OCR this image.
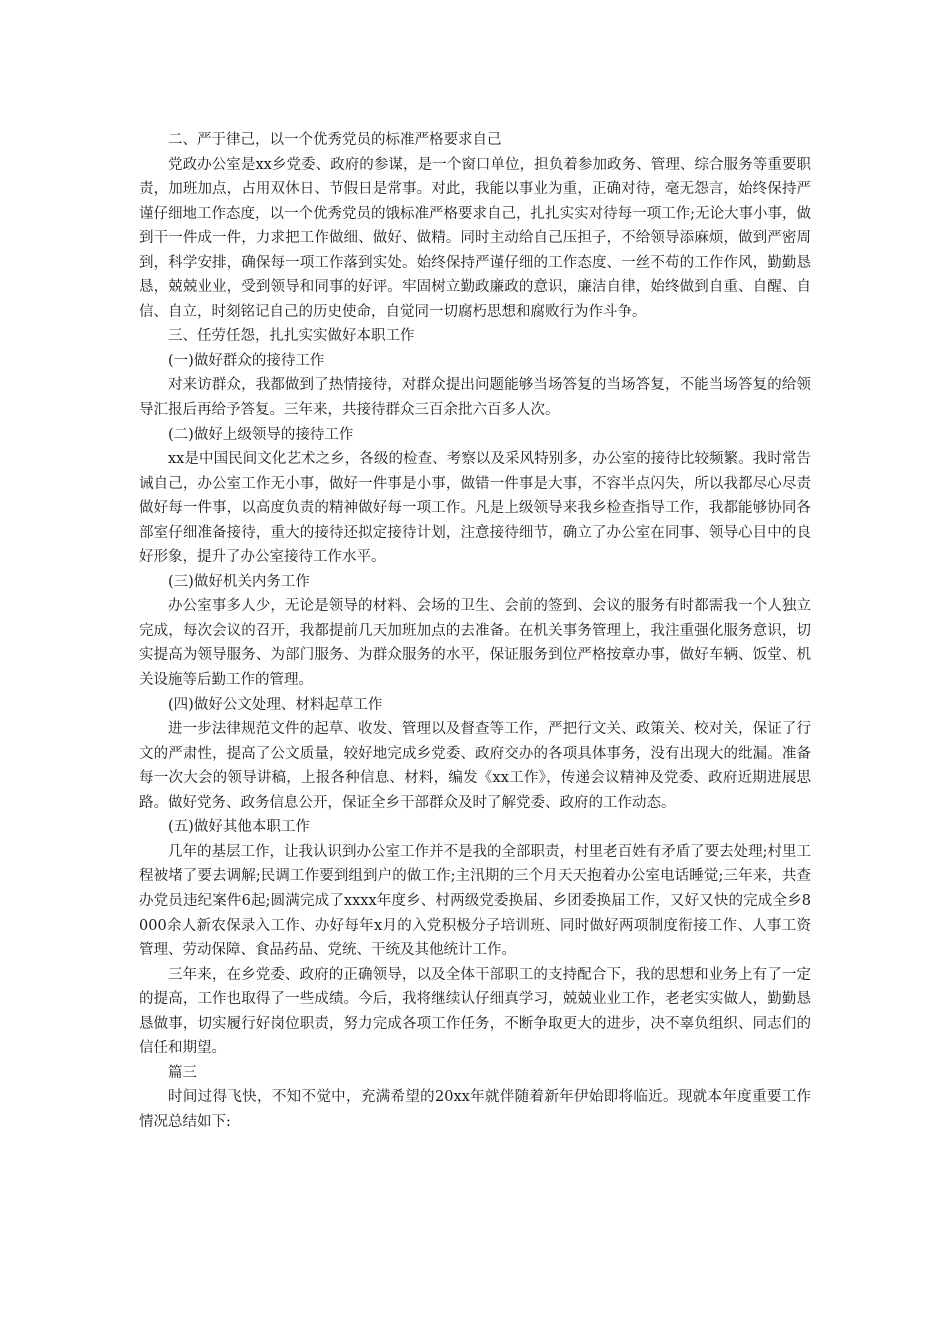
二、严于律己，以一个优秀党员的标准严格要求自己

党政办公室是xx乡党委、政府的参谋，是一个窗口单位，担负着参加政务、管理、综合服务等重要职责，加班加点，占用双休日、节假日是常事。对此，我能以事业为重，正确对待，毫无怨言，始终保持严谨仔细地工作态度，以一个优秀党员的饿标准严格要求自己，扎扎实实对待每一项工作;无论大事小事，做到干一件成一件，力求把工作做细、做好、做精。同时主动给自己压担子，不给领导添麻烦，做到严密周到，科学安排，确保每一项工作落到实处。始终保持严谨仔细的工作态度、一丝不苟的工作作风，勤勤恳恳，兢兢业业，受到领导和同事的好评。牢固树立勤政廉政的意识，廉洁自律，始终做到自重、自醒、自信、自立，时刻铭记自己的历史使命，自觉同一切腐朽思想和腐败行为作斗争。

三、任劳任怨，扎扎实实做好本职工作

(一)做好群众的接待工作

对来访群众，我都做到了热情接待，对群众提出问题能够当场答复的当场答复，不能当场答复的给领导汇报后再给予答复。三年来，共接待群众三百余批六百多人次。

(二)做好上级领导的接待工作

xx是中国民间文化艺术之乡，各级的检查、考察以及采风特别多，办公室的接待比较频繁。我时常告诫自己，办公室工作无小事，做好一件事是小事，做错一件事是大事，不容半点闪失，所以我都尽心尽责做好每一件事，以高度负责的精神做好每一项工作。凡是上级领导来我乡检查指导工作，我都能够协同各部室仔细准备接待，重大的接待还拟定接待计划，注意接待细节，确立了办公室在同事、领导心目中的良好形象，提升了办公室接待工作水平。

(三)做好机关内务工作

办公室事多人少，无论是领导的材料、会场的卫生、会前的签到、会议的服务有时都需我一个人独立完成，每次会议的召开，我都提前几天加班加点的去准备。在机关事务管理上，我注重强化服务意识，切实提高为领导服务、为部门服务、为群众服务的水平，保证服务到位严格按章办事，做好车辆、饭堂、机关设施等后勤工作的管理。

(四)做好公文处理、材料起草工作

进一步法律规范文件的起草、收发、管理以及督查等工作，严把行文关、政策关、校对关，保证了行文的严肃性，提高了公文质量，较好地完成乡党委、政府交办的各项具体事务，没有出现大的纰漏。准备每一次大会的领导讲稿，上报各种信息、材料，编发《xx工作》，传递会议精神及党委、政府近期进展思路。做好党务、政务信息公开，保证全乡干部群众及时了解党委、政府的工作动态。

(五)做好其他本职工作

几年的基层工作，让我认识到办公室工作并不是我的全部职责，村里老百姓有矛盾了要去处理;村里工程被堵了要去调解;民调工作要到组到户的做工作;主汛期的三个月天天抱着办公室电话睡觉;三年来，共查办党员违纪案件6起;圆满完成了xxxx年度乡、村两级党委换届、乡团委换届工作，又好又快的完成全乡8000余人新农保录入工作、办好每年x月的入党积极分子培训班、同时做好两项制度衔接工作、人事工资管理、劳动保障、食品药品、党统、干统及其他统计工作。

三年来，在乡党委、政府的正确领导，以及全体干部职工的支持配合下，我的思想和业务上有了一定的提高，工作也取得了一些成绩。今后，我将继续认仔细真学习，兢兢业业工作，老老实实做人，勤勤恳恳做事，切实履行好岗位职责，努力完成各项工作任务，不断争取更大的进步，决不辜负组织、同志们的信任和期望。

篇三

时间过得飞快，不知不觉中，充满希望的20xx年就伴随着新年伊始即将临近。现就本年度重要工作情况总结如下:
